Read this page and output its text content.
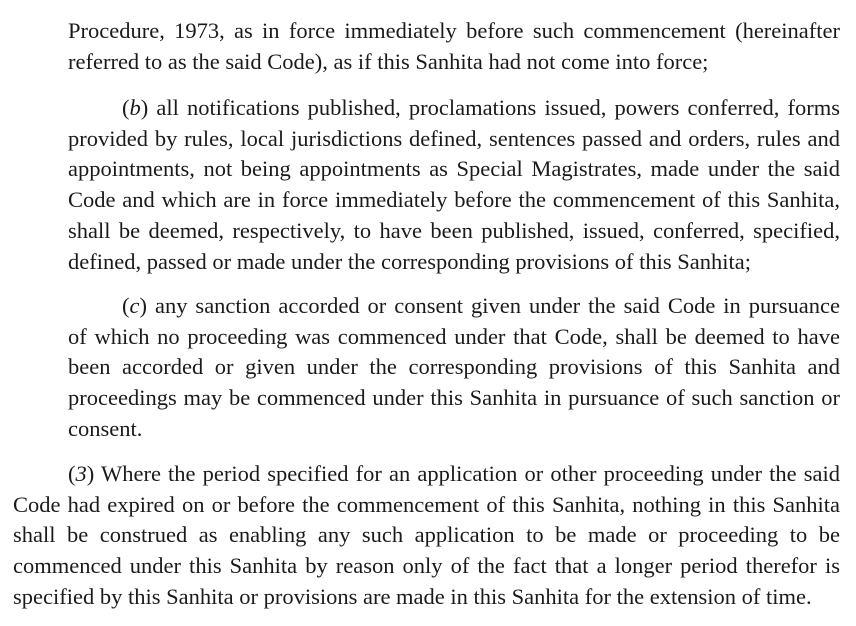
Procedure, 1973, as in force immediately before such commencement (hereinafter
referred to as the said Code), as if this Sanhita had not come into force;
(b) all notifications published, proclamations issued, powers conferred, forms
provided by rules, local jurisdictions defined, sentences passed and orders, rules and
appointments, not being appointments as Special Magistrates, made under the said
Code and which are in force immediately before the commencement of this Sanhita,
shall be deemed, respectively, to have been published, issued, conferred, specified,
defined, passed or made under the corresponding provisions of this Sanhita;
(c) any sanction accorded or consent given under the said Code in pursuance
of which no proceeding was commenced under that Code, shall be deemed to have
been accorded or given under the corresponding provisions of this Sanhita and
proceedings may be commenced under this Sanhita in pursuance of such sanction or
consent.
(3) Where the period specified for an application or other proceeding under the said
Code had expired on or before the commencement of this Sanhita, nothing in this Sanhita
shall be construed as enabling any such application to be made or proceeding to be
commenced under this Sanhita by reason only of the fact that a longer period therefor is
specified by this Sanhita or provisions are made in this Sanhita for the extension of time.
